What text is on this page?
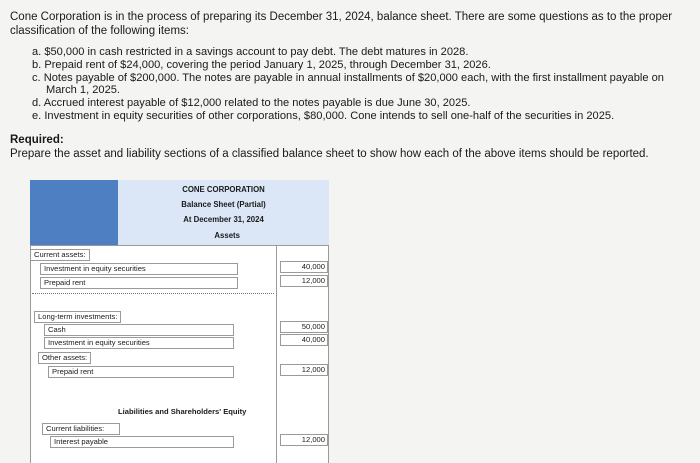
Cone Corporation is in the process of preparing its December 31, 2024, balance sheet. There are some questions as to the proper classification of the following items:

a. $50,000 in cash restricted in a savings account to pay debt. The debt matures in 2028.
b. Prepaid rent of $24,000, covering the period January 1, 2025, through December 31, 2026.
c. Notes payable of $200,000. The notes are payable in annual installments of $20,000 each, with the first installment payable on
March 1, 2025.
d. Accrued interest payable of $12,000 related to the notes payable is due June 30, 2025.
e. Investment in equity securities of other corporations, $80,000. Cone intends to sell one-half of the securities in 2025.
Required:
Prepare the asset and liability sections of a classified balance sheet to show how each of the above items should be reported.
CONE CORPORATION
Balance Sheet (Partial)
At December 31, 2024
Assets
Current assets:
Investment in equity securities	40,000
Prepaid rent	12,000
Long-term investments:
Cash	50,000
Investment in equity securities	40,000
Other assets:
Prepaid rent	12,000
Liabilities and Shareholders' Equity
Current liabilities:
Interest payable	12,000
